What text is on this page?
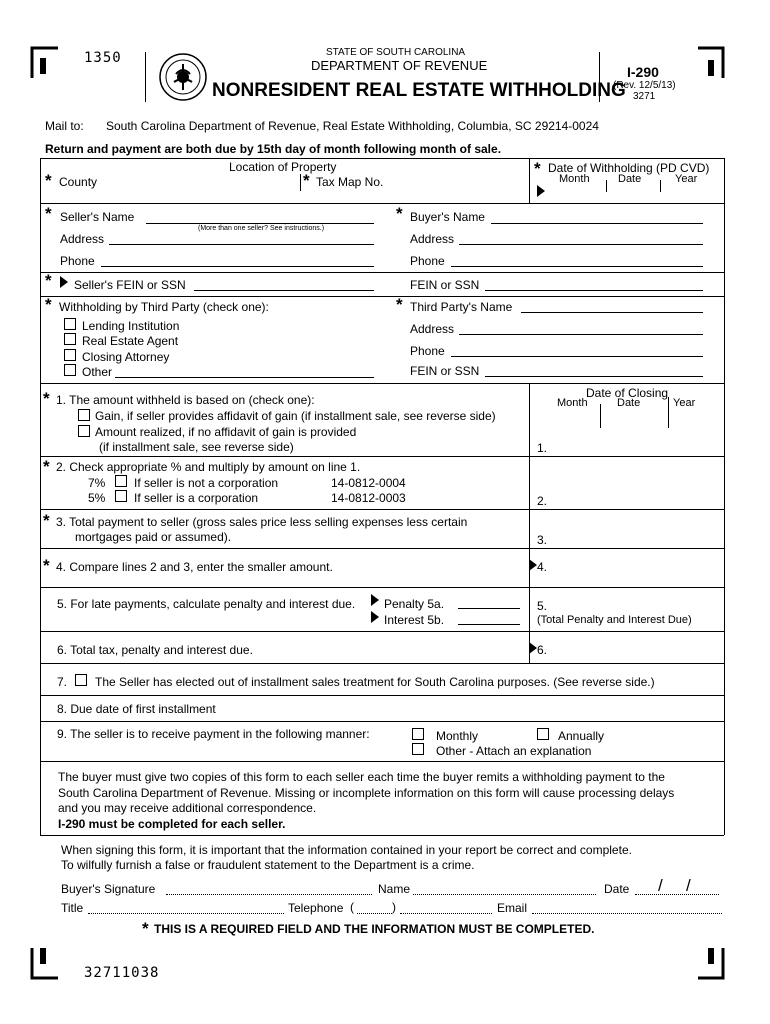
1350	STATE OF SOUTH CAROLINA
DEPARTMENT OF REVENUE
NONRESIDENT REAL ESTATE WITHHOLDING
I-290
(Rev. 12/5/13)
3271
Mail to: South Carolina Department of Revenue, Real Estate Withholding, Columbia, SC 29214-0024
Return and payment are both due by 15th day of month following month of sale.
Location of Property
* County	* Tax Map No.
* Date of Withholding (PD CVD)
Month	Date	Year
* Seller's Name
(More than one seller? See instructions.)
Address
Phone
* Buyer's Name
Address
Phone
* Seller's FEIN or SSN	FEIN or SSN
* Withholding by Third Party (check one):
Lending Institution
Real Estate Agent
Closing Attorney
Other
* Third Party's Name
Address
Phone
FEIN or SSN
* 1. The amount withheld is based on (check one):
Gain, if seller provides affidavit of gain (if installment sale, see reverse side)
Amount realized, if no affidavit of gain is provided
(if installment sale, see reverse side)
Date of Closing
Month	Date	Year
1.
* 2. Check appropriate % and multiply by amount on line 1.
7% If seller is not a corporation	14-0812-0004
5% If seller is a corporation	14-0812-0003	2.
* 3. Total payment to seller (gross sales price less selling expenses less certain
mortgages paid or assumed).	3.
* 4. Compare lines 2 and 3, enter the smaller amount.	4.
5. For late payments, calculate penalty and interest due. Penalty 5a.
Interest 5b.
5.
(Total Penalty and Interest Due)
6. Total tax, penalty and interest due.	6.
7. The Seller has elected out of installment sales treatment for South Carolina purposes. (See reverse side.)
8. Due date of first installment
9. The seller is to receive payment in the following manner:	Monthly	Annually
Other - Attach an explanation
The buyer must give two copies of this form to each seller each time the buyer remits a withholding payment to the
South Carolina Department of Revenue. Missing or incomplete information on this form will cause processing delays
and you may receive additional correspondence.
I-290 must be completed for each seller.
When signing this form, it is important that the information contained in your report be correct and complete.
To wilfully furnish a false or fraudulent statement to the Department is a crime.
Buyer's Signature	Name	Date / /
Title	Telephone (	)	Email
* THIS IS A REQUIRED FIELD AND THE INFORMATION MUST BE COMPLETED.
32711038
